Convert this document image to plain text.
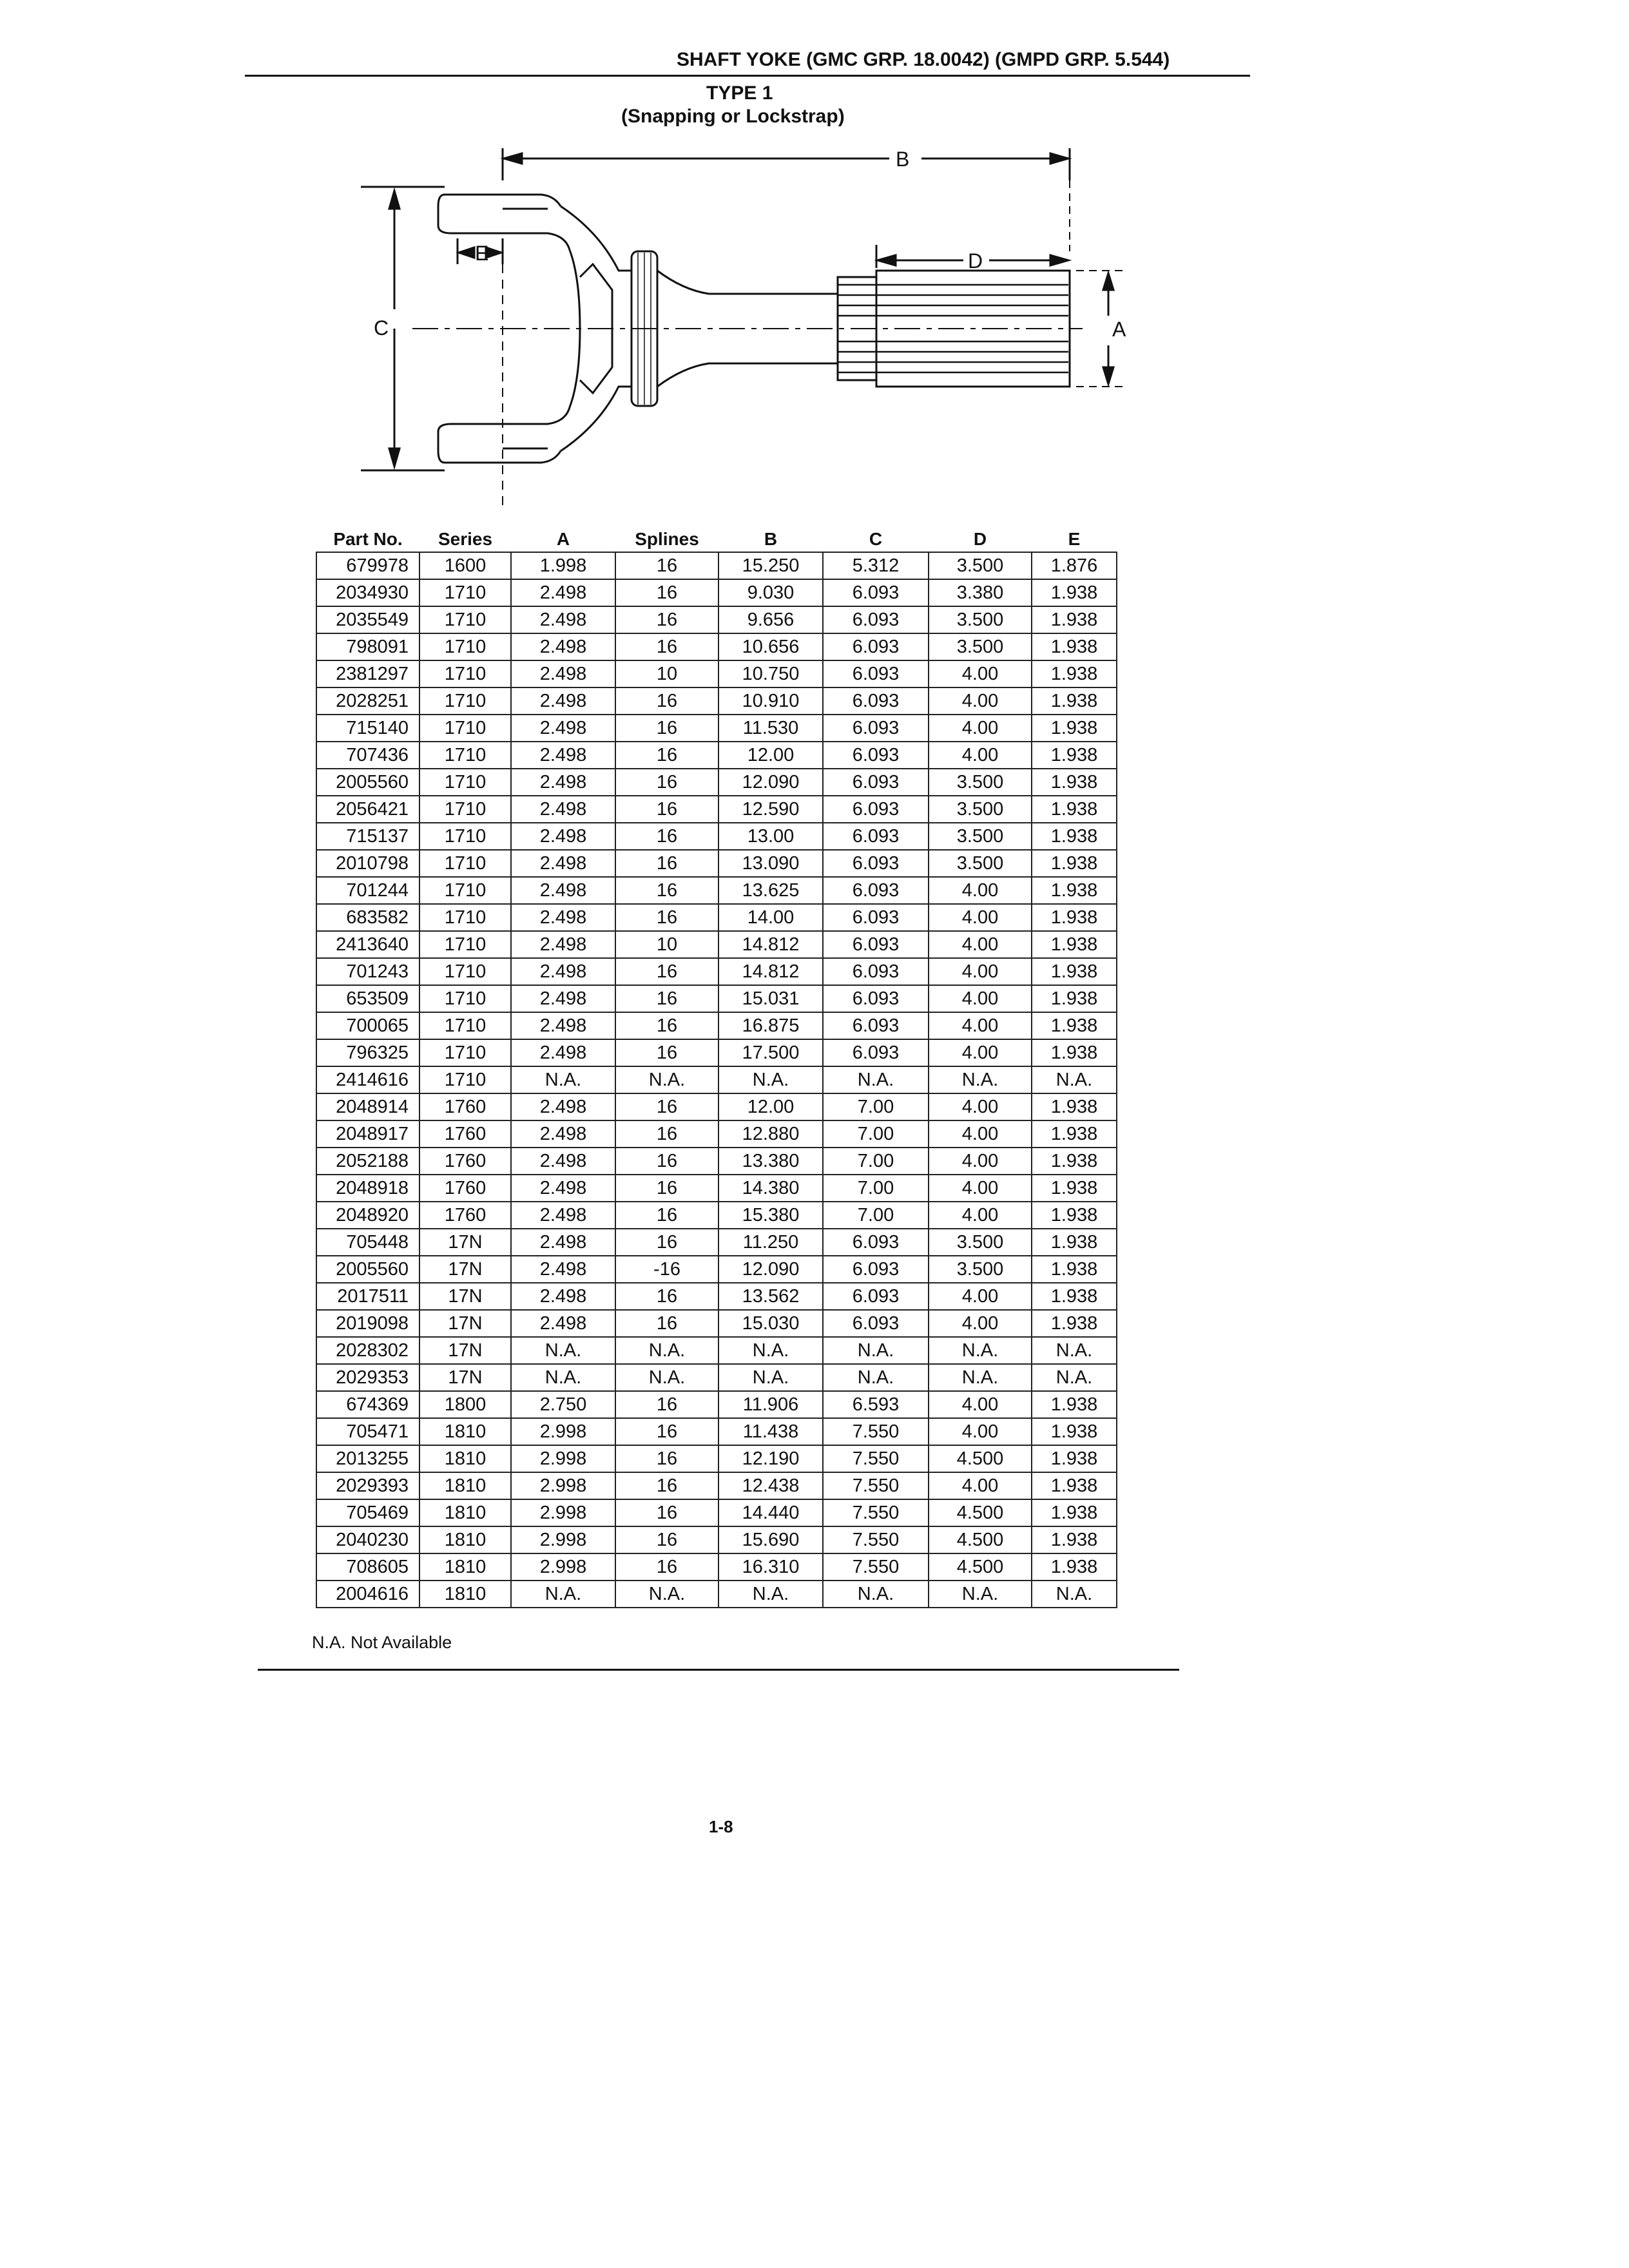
SHAFT YOKE (GMC GRP. 18.0042) (GMPD GRP. 5.544)
TYPE 1
(Snapping or Lockstrap)
B
C
D
A
E
Part No.	Series	A	Splines	B	C	D	E
679978	1600	1.998	16	15.250	5.312	3.500	1.876
2034930	1710	2.498	16	9.030	6.093	3.380	1.938
2035549	1710	2.498	16	9.656	6.093	3.500	1.938
798091	1710	2.498	16	10.656	6.093	3.500	1.938
2381297	1710	2.498	10	10.750	6.093	4.00	1.938
2028251	1710	2.498	16	10.910	6.093	4.00	1.938
715140	1710	2.498	16	11.530	6.093	4.00	1.938
707436	1710	2.498	16	12.00	6.093	4.00	1.938
2005560	1710	2.498	16	12.090	6.093	3.500	1.938
2056421	1710	2.498	16	12.590	6.093	3.500	1.938
715137	1710	2.498	16	13.00	6.093	3.500	1.938
2010798	1710	2.498	16	13.090	6.093	3.500	1.938
701244	1710	2.498	16	13.625	6.093	4.00	1.938
683582	1710	2.498	16	14.00	6.093	4.00	1.938
2413640	1710	2.498	10	14.812	6.093	4.00	1.938
701243	1710	2.498	16	14.812	6.093	4.00	1.938
653509	1710	2.498	16	15.031	6.093	4.00	1.938
700065	1710	2.498	16	16.875	6.093	4.00	1.938
796325	1710	2.498	16	17.500	6.093	4.00	1.938
2414616	1710	N.A.	N.A.	N.A.	N.A.	N.A.	N.A.
2048914	1760	2.498	16	12.00	7.00	4.00	1.938
2048917	1760	2.498	16	12.880	7.00	4.00	1.938
2052188	1760	2.498	16	13.380	7.00	4.00	1.938
2048918	1760	2.498	16	14.380	7.00	4.00	1.938
2048920	1760	2.498	16	15.380	7.00	4.00	1.938
705448	17N	2.498	16	11.250	6.093	3.500	1.938
2005560	17N	2.498	-16	12.090	6.093	3.500	1.938
2017511	17N	2.498	16	13.562	6.093	4.00	1.938
2019098	17N	2.498	16	15.030	6.093	4.00	1.938
2028302	17N	N.A.	N.A.	N.A.	N.A.	N.A.	N.A.
2029353	17N	N.A.	N.A.	N.A.	N.A.	N.A.	N.A.
674369	1800	2.750	16	11.906	6.593	4.00	1.938
705471	1810	2.998	16	11.438	7.550	4.00	1.938
2013255	1810	2.998	16	12.190	7.550	4.500	1.938
2029393	1810	2.998	16	12.438	7.550	4.00	1.938
705469	1810	2.998	16	14.440	7.550	4.500	1.938
2040230	1810	2.998	16	15.690	7.550	4.500	1.938
708605	1810	2.998	16	16.310	7.550	4.500	1.938
2004616	1810	N.A.	N.A.	N.A.	N.A.	N.A.	N.A.
N.A. Not Available
1-8
